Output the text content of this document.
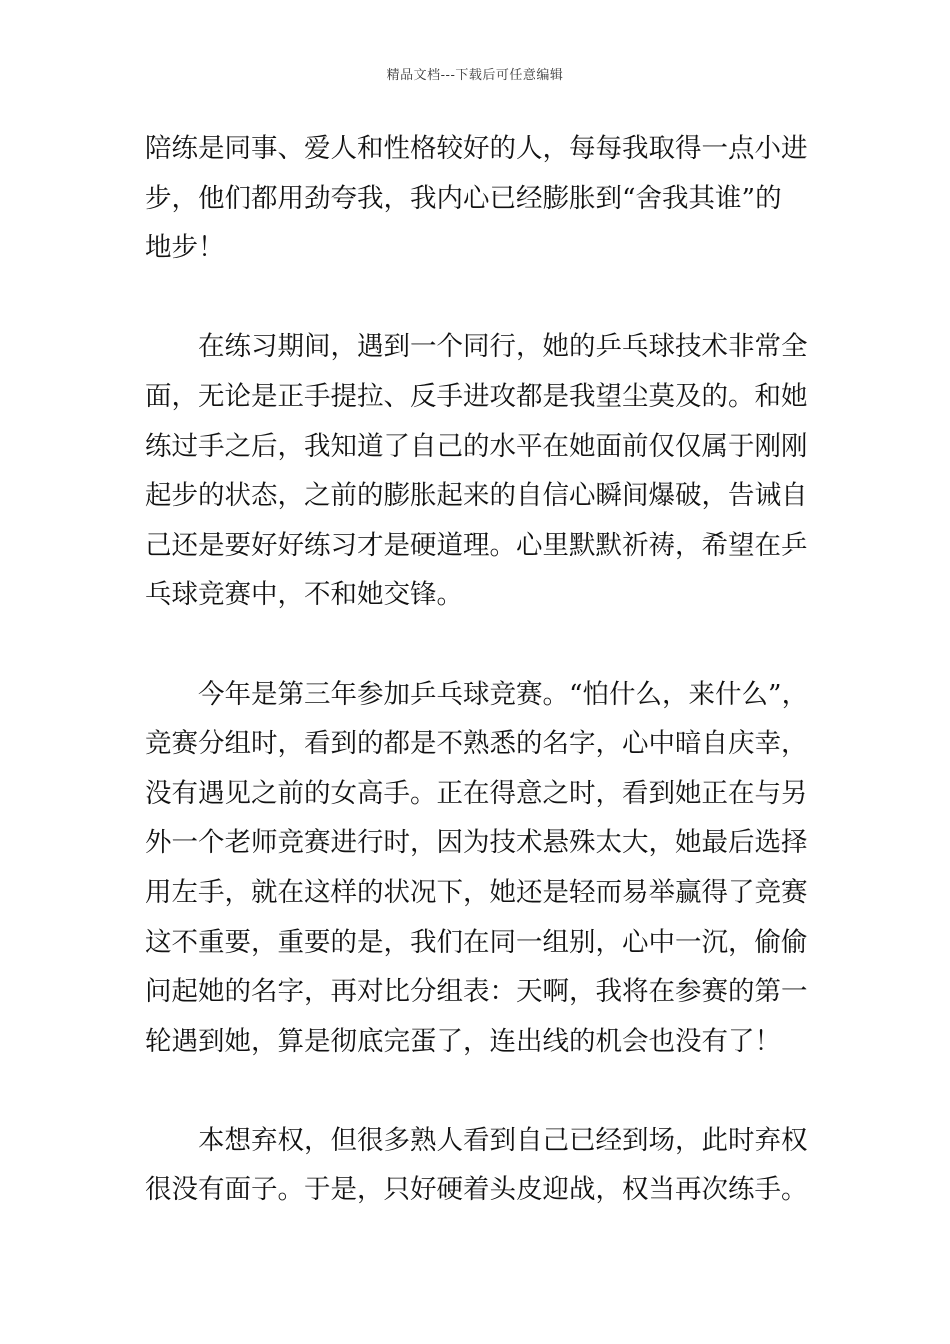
精品文档---下载后可任意编辑

陪练是同事、爱人和性格较好的人，每每我取得一点小进
步，他们都用劲夸我，我内心已经膨胀到“舍我其谁”的
地步！

在练习期间，遇到一个同行，她的乒乓球技术非常全
面，无论是正手提拉、反手进攻都是我望尘莫及的。和她
练过手之后，我知道了自己的水平在她面前仅仅属于刚刚
起步的状态，之前的膨胀起来的自信心瞬间爆破，告诫自
己还是要好好练习才是硬道理。心里默默祈祷，希望在乒
乓球竞赛中，不和她交锋。

今年是第三年参加乒乓球竞赛。“怕什么，来什么”，
竞赛分组时，看到的都是不熟悉的名字，心中暗自庆幸，
没有遇见之前的女高手。正在得意之时，看到她正在与另
外一个老师竞赛进行时，因为技术悬殊太大，她最后选择
用左手，就在这样的状况下，她还是轻而易举赢得了竞赛
这不重要，重要的是，我们在同一组别，心中一沉，偷偷
问起她的名字，再对比分组表：天啊，我将在参赛的第一
轮遇到她，算是彻底完蛋了，连出线的机会也没有了！

本想弃权，但很多熟人看到自己已经到场，此时弃权
很没有面子。于是，只好硬着头皮迎战，权当再次练手。
